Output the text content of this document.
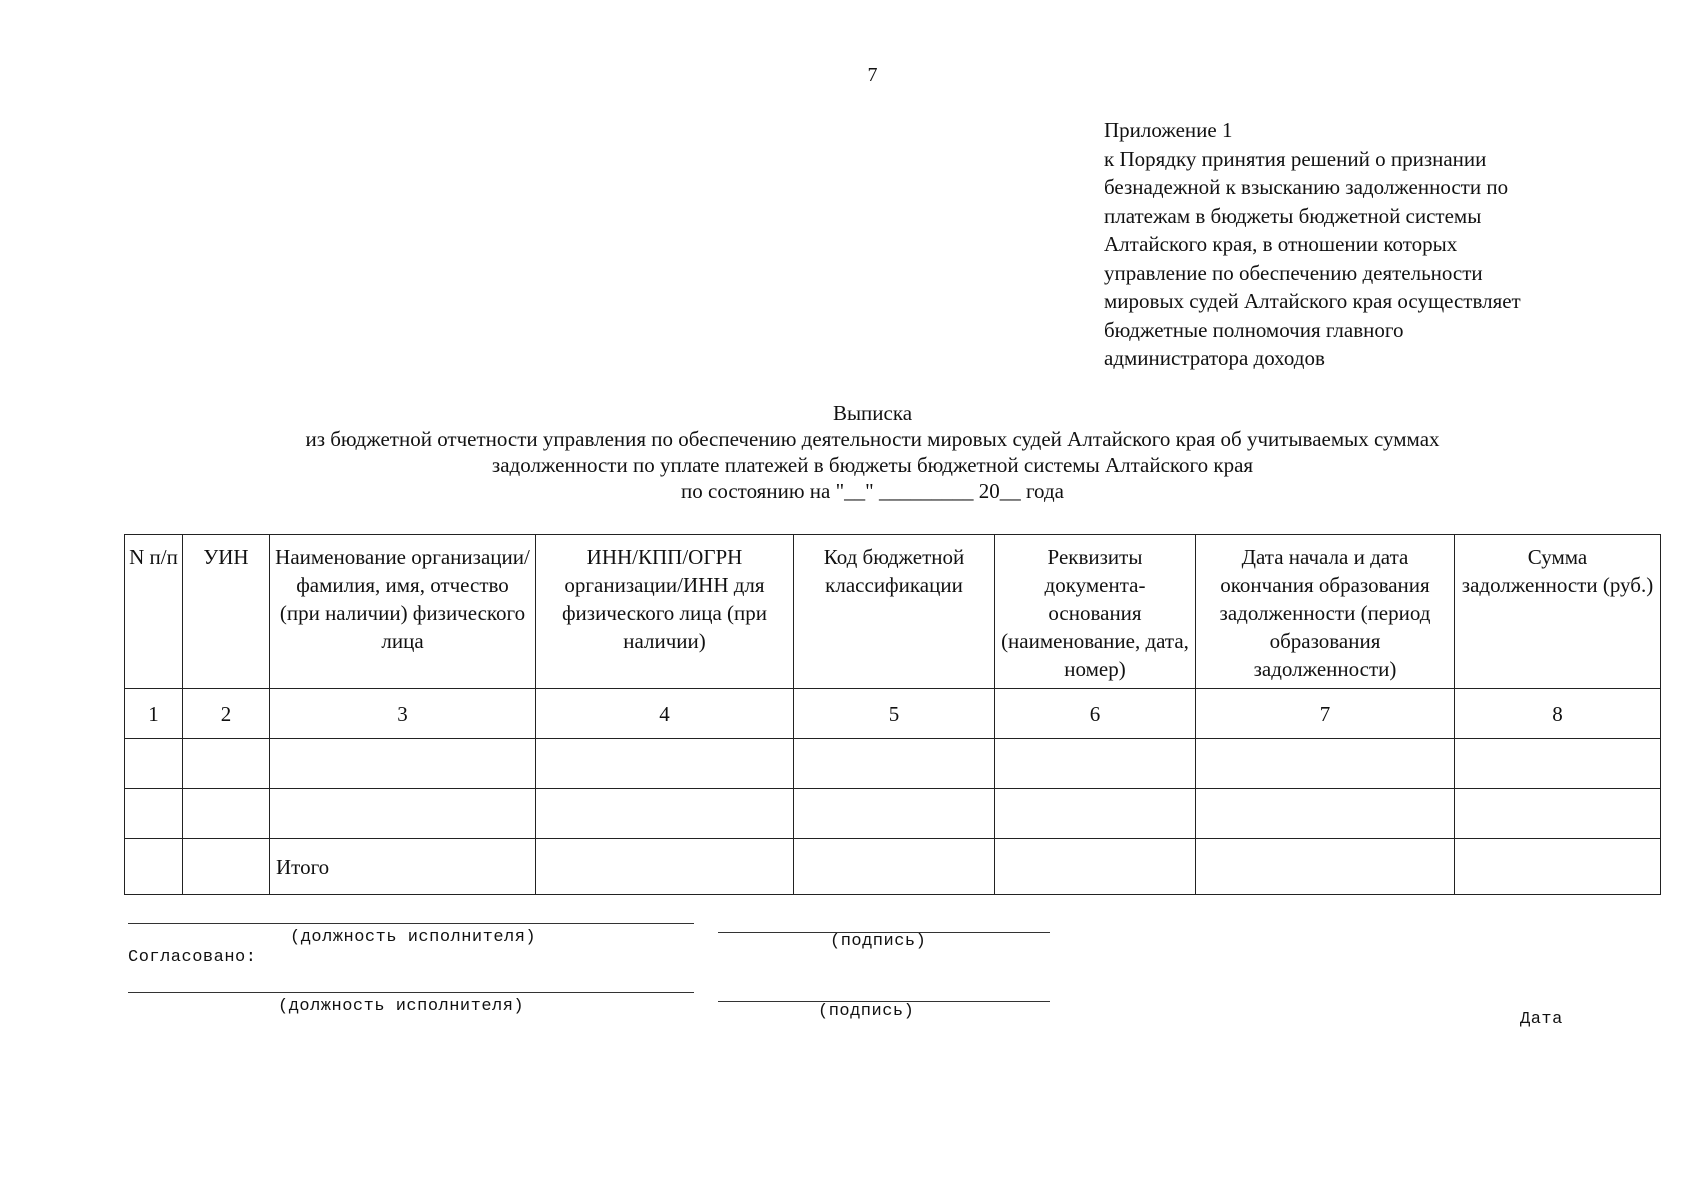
7
Приложение 1
к Порядку принятия решений о признании
безнадежной к взысканию задолженности по
платежам в бюджеты бюджетной системы
Алтайского края, в отношении которых
управление по обеспечению деятельности
мировых судей Алтайского края осуществляет
бюджетные полномочия главного
администратора доходов
Выписка
из бюджетной отчетности управления по обеспечению деятельности мировых судей Алтайского края об учитываемых суммах
задолженности по уплате платежей в бюджеты бюджетной системы Алтайского края
по состоянию на "__" _________ 20__ года
N п/п	УИН	Наименование организации/фамилия, имя, отчество (при наличии) физического лица	ИНН/КПП/ОГРН организации/ИНН для физического лица (при наличии)	Код бюджетной классификации	Реквизиты документа-основания (наименование, дата, номер)	Дата начала и дата окончания образования задолженности (период образования задолженности)	Сумма задолженности (руб.)
1	2	3	4	5	6	7	8

		Итого					
(должность исполнителя)	(подпись)
Согласовано:
(должность исполнителя)	(подпись)	Дата
